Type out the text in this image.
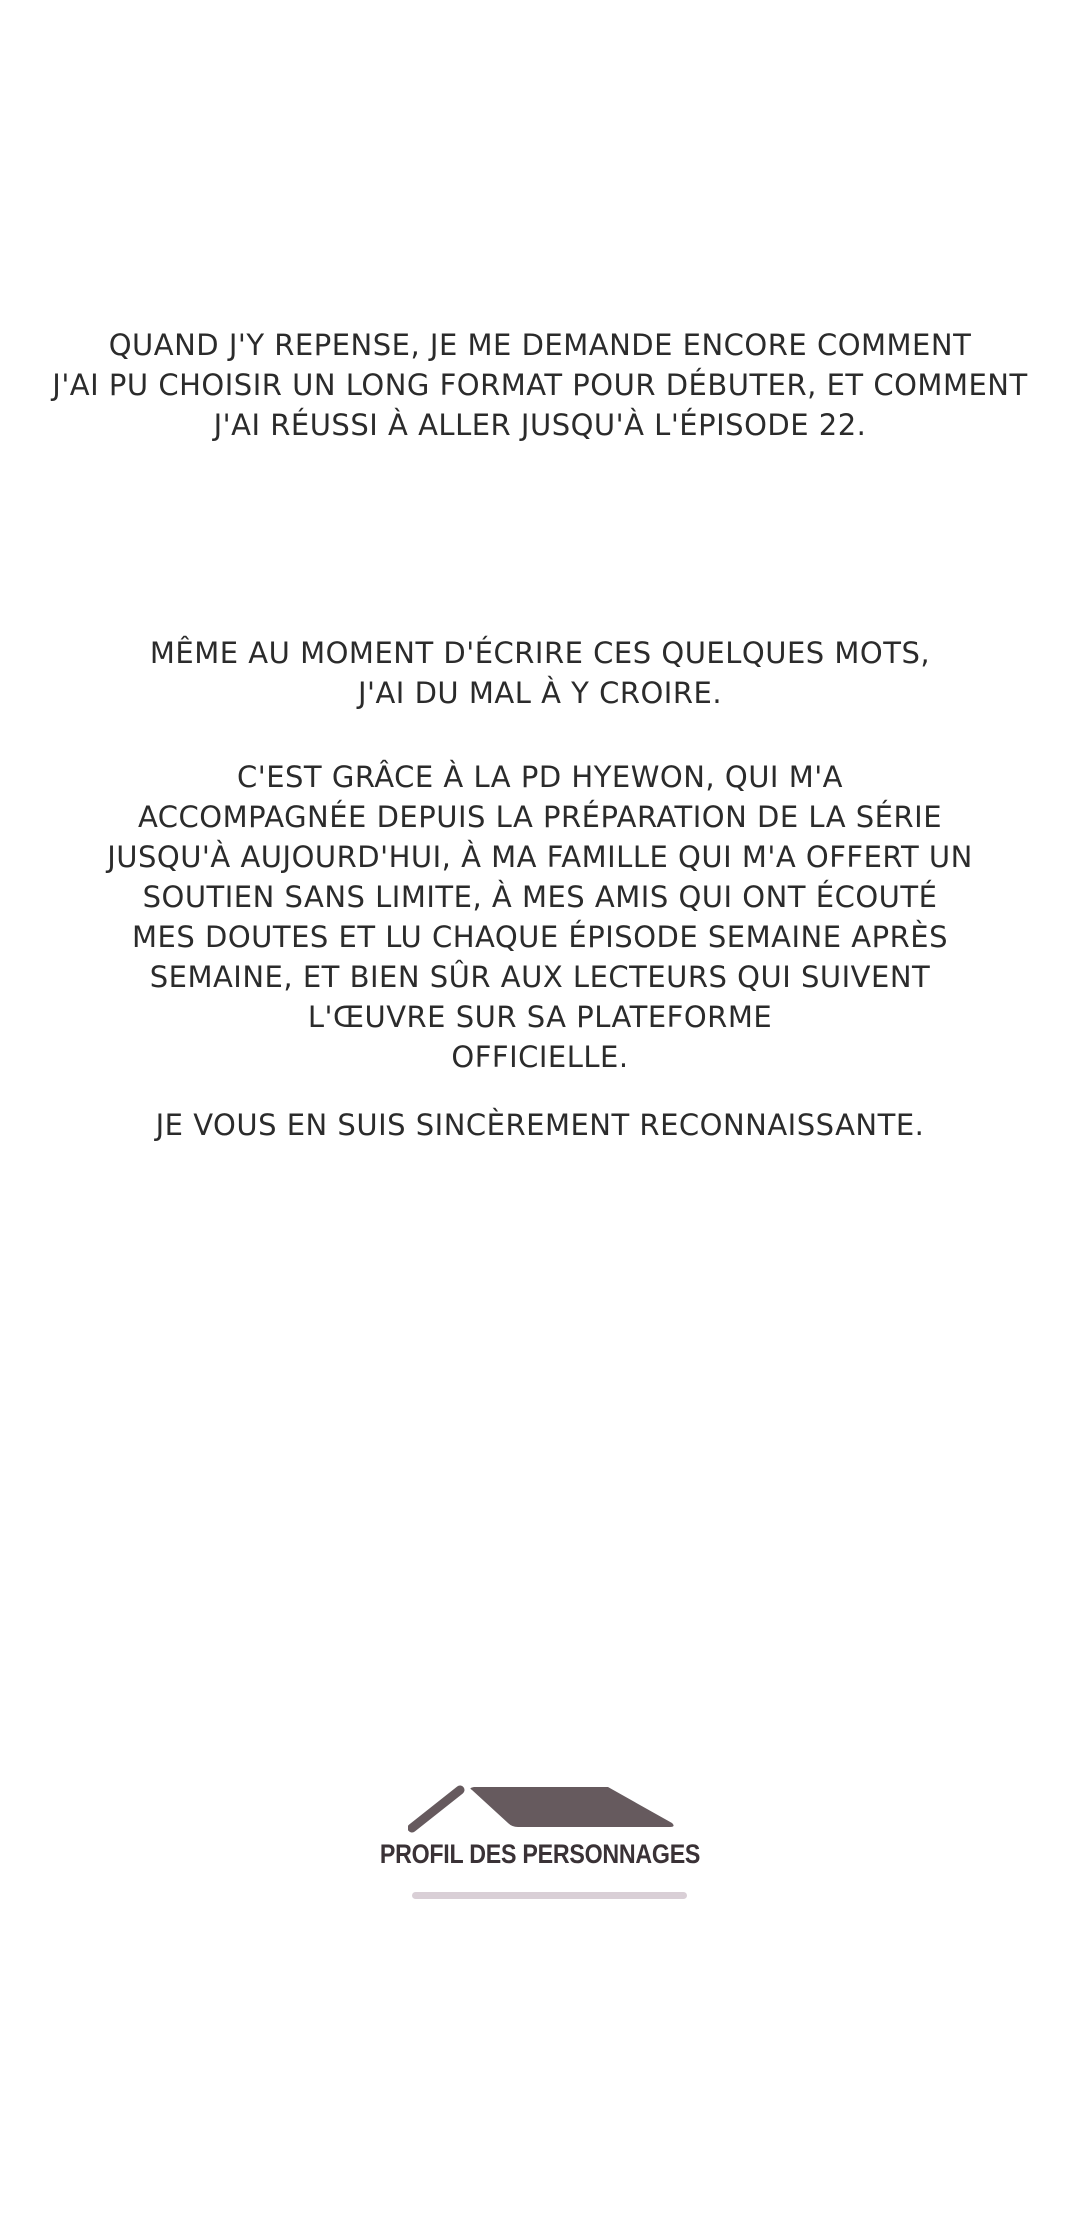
QUAND J'Y REPENSE, JE ME DEMANDE ENCORE COMMENT
J'AI PU CHOISIR UN LONG FORMAT POUR DÉBUTER, ET COMMENT
J'AI RÉUSSI À ALLER JUSQU'À L'ÉPISODE 22.
MÊME AU MOMENT D'ÉCRIRE CES QUELQUES MOTS,
J'AI DU MAL À Y CROIRE.
C'EST GRÂCE À LA PD HYEWON, QUI M'A
ACCOMPAGNÉE DEPUIS LA PRÉPARATION DE LA SÉRIE
JUSQU'À AUJOURD'HUI, À MA FAMILLE QUI M'A OFFERT UN
SOUTIEN SANS LIMITE, À MES AMIS QUI ONT ÉCOUTÉ
MES DOUTES ET LU CHAQUE ÉPISODE SEMAINE APRÈS
SEMAINE, ET BIEN SÛR AUX LECTEURS QUI SUIVENT
L'ŒUVRE SUR SA PLATEFORME
OFFICIELLE.
JE VOUS EN SUIS SINCÈREMENT RECONNAISSANTE.
PROFIL DES PERSONNAGES
